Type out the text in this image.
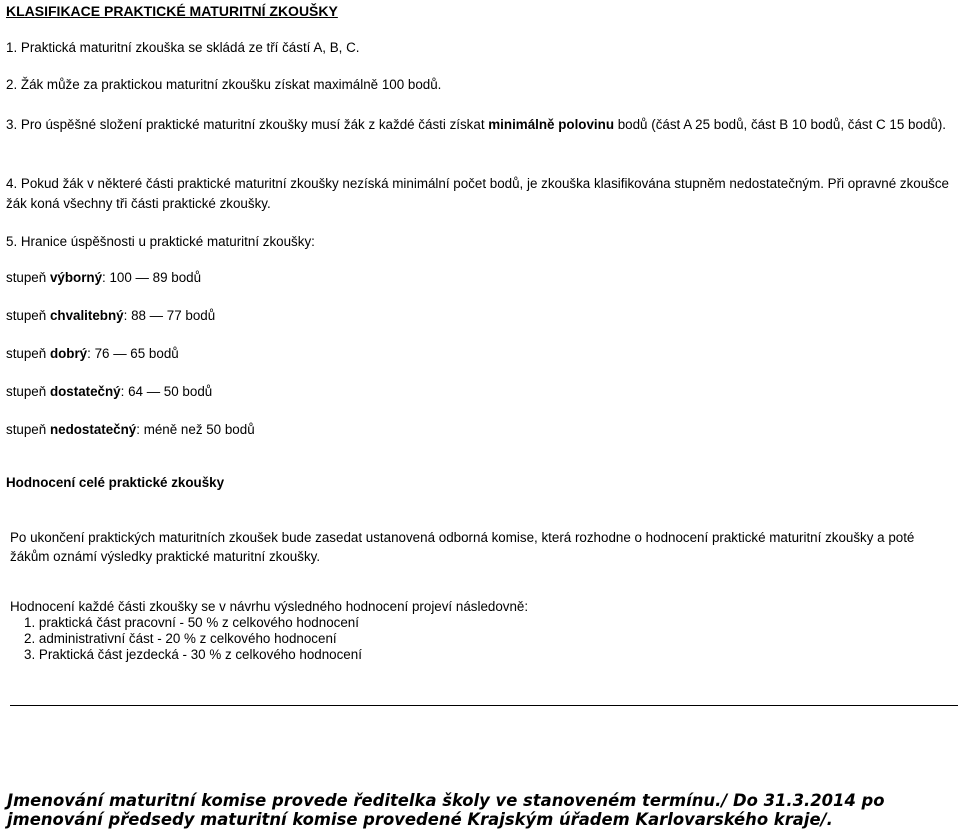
KLASIFIKACE PRAKTICKÉ MATURITNÍ ZKOUŠKY
1. Praktická maturitní zkouška se skládá ze tří částí A, B, C.
2. Žák může za praktickou maturitní zkoušku získat maximálně 100 bodů.
3. Pro úspěšné složení praktické maturitní zkoušky musí žák z každé části získat minimálně polovinu bodů (část A 25 bodů, část B 10 bodů, část C 15 bodů).
4. Pokud žák v některé části praktické maturitní zkoušky nezíská minimální počet bodů, je zkouška klasifikována stupněm nedostatečným. Při opravné zkoušce žák koná všechny tři části praktické zkoušky.
5. Hranice úspěšnosti u praktické maturitní zkoušky:
stupeň výborný: 100 ― 89 bodů
stupeň chvalitebný: 88 ― 77 bodů
stupeň dobrý: 76 ― 65 bodů
stupeň dostatečný: 64 ― 50 bodů
stupeň nedostatečný: méně než 50 bodů
Hodnocení celé praktické zkoušky
Po ukončení praktických maturitních zkoušek bude zasedat ustanovená odborná komise, která rozhodne o hodnocení praktické maturitní zkoušky a poté žákům oznámí výsledky praktické maturitní zkoušky.
Hodnocení každé části zkoušky se v návrhu výsledného hodnocení projeví následovně:
1. praktická část pracovní - 50 % z celkového hodnocení
2. administrativní část - 20 % z celkového hodnocení
3. Praktická část jezdecká - 30 % z celkového hodnocení
Jmenování maturitní komise provede ředitelka školy ve stanoveném termínu./ Do 31.3.2014 po jmenování předsedy maturitní komise provedené Krajským úřadem Karlovarského kraje/.
